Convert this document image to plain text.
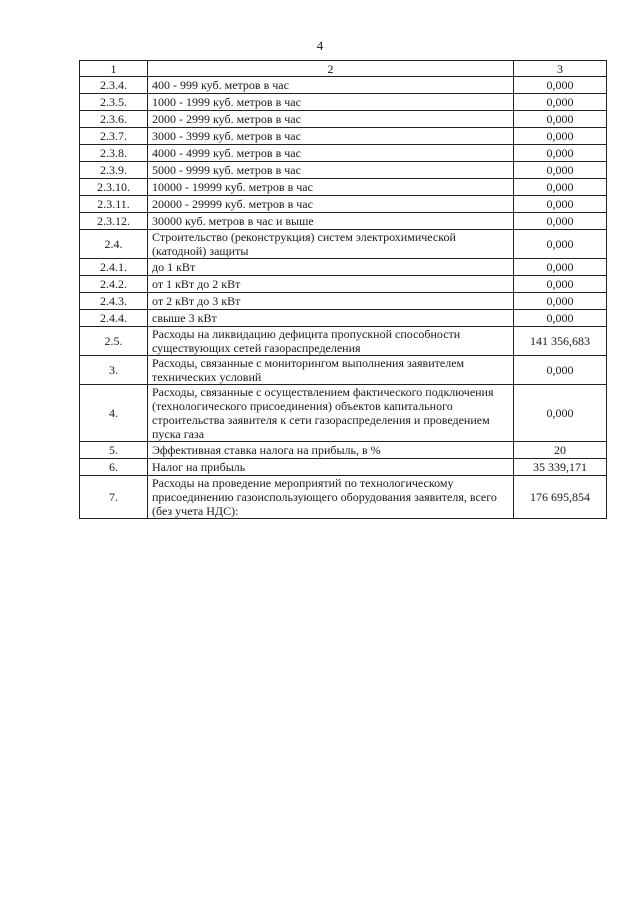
4
1	2	3
2.3.4.	400 - 999 куб. метров в час	0,000
2.3.5.	1000 - 1999 куб. метров в час	0,000
2.3.6.	2000 - 2999 куб. метров в час	0,000
2.3.7.	3000 - 3999 куб. метров в час	0,000
2.3.8.	4000 - 4999 куб. метров в час	0,000
2.3.9.	5000 - 9999 куб. метров в час	0,000
2.3.10.	10000 - 19999 куб. метров в час	0,000
2.3.11.	20000 - 29999 куб. метров в час	0,000
2.3.12.	30000 куб. метров в час и выше	0,000
2.4.	Строительство (реконструкция) систем электрохимической (катодной) защиты	0,000
2.4.1.	до 1 кВт	0,000
2.4.2.	от 1 кВт до 2 кВт	0,000
2.4.3.	от 2 кВт до 3 кВт	0,000
2.4.4.	свыше 3 кВт	0,000
2.5.	Расходы на ликвидацию дефицита пропускной способности существующих сетей газораспределения	141 356,683
3.	Расходы, связанные с мониторингом выполнения заявителем технических условий	0,000
4.	Расходы, связанные с осуществлением фактического подключения (технологического присоединения) объектов капитального строительства заявителя к сети газораспределения и проведением пуска газа	0,000
5.	Эффективная ставка налога на прибыль, в %	20
6.	Налог на прибыль	35 339,171
7.	Расходы на проведение мероприятий по технологическому присоединению газоиспользующего оборудования заявителя, всего (без учета НДС):	176 695,854
